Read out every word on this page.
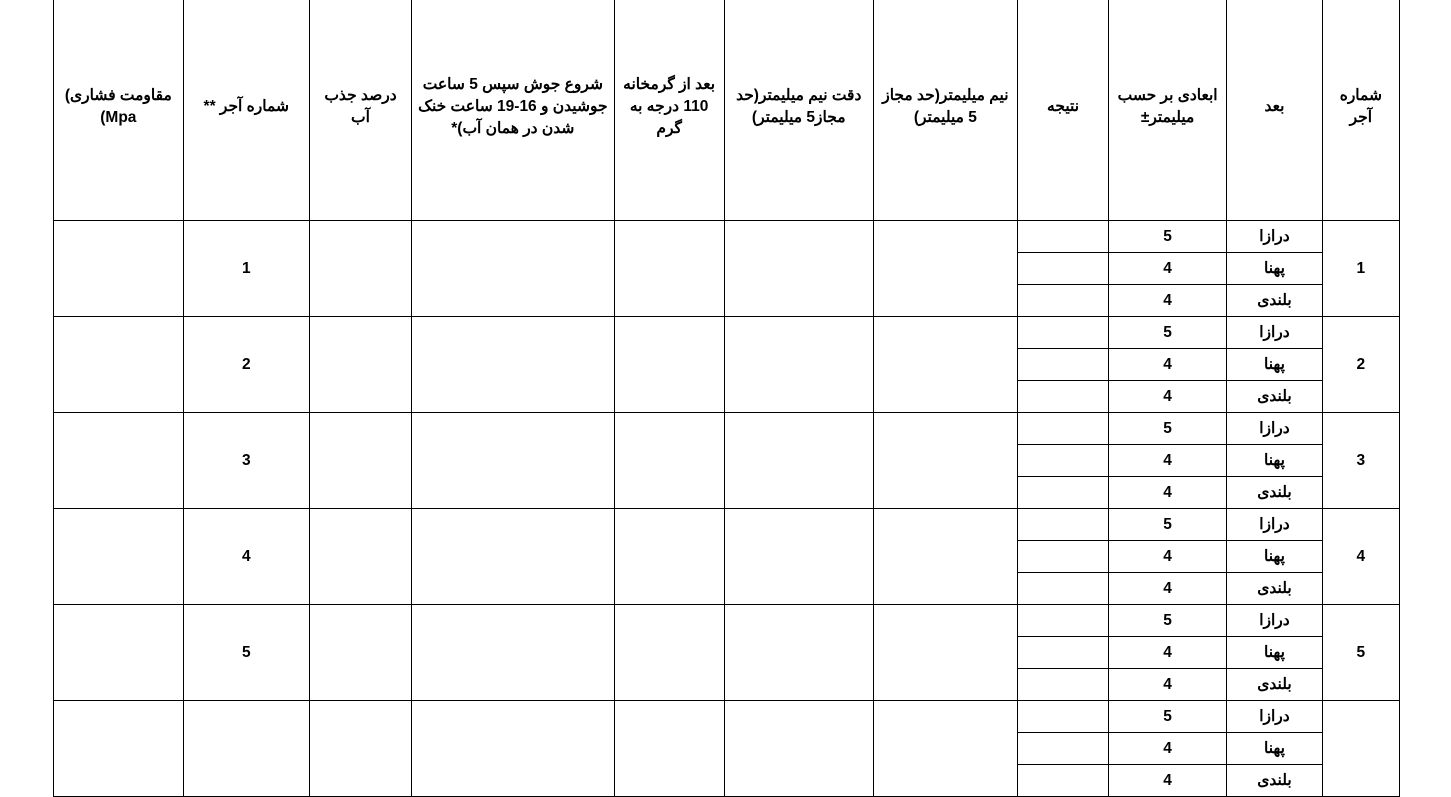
شماره آجر	بعد	ابعادی بر حسب میلیمتر±	نتیجه	نیم میلیمتر(حد مجاز 5 میلیمتر)	دقت نیم میلیمتر(حد مجاز5 میلیمتر)	بعد از گرمخانه 110 درجه به گرم	شروع جوش سپس 5 ساعت جوشیدن و 16-19 ساعت خنک شدن در همان آب)*	درصد جذب آب	شماره آجر **	مقاومت فشاری) Mpa)
1	درازا	5							1	
	پهنا	4								
	بلندی	4								
2	درازا	5							2	
	پهنا	4								
	بلندی	4								
3	درازا	5							3	
	پهنا	4								
	بلندی	4								
4	درازا	5							4	
	پهنا	4								
	بلندی	4								
5	درازا	5							5	
	پهنا	4								
	بلندی	4								
	درازا	5								
	پهنا	4								
	بلندی	4								
